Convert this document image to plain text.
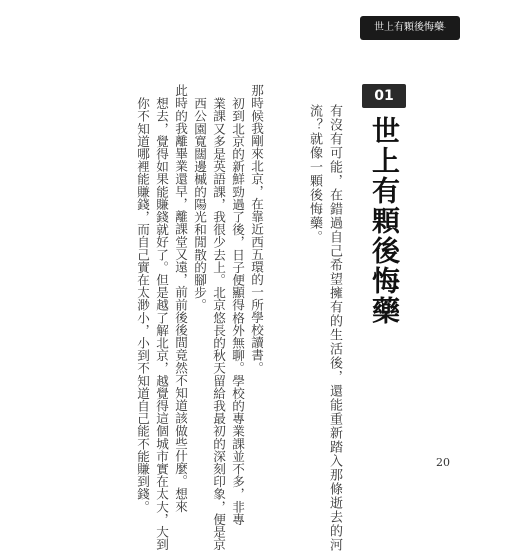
世上有顆後悔藥·
01
世上有顆後悔藥
有沒有可能，在錯過自己希望擁有的生活後，還能重新踏入那條逝去的河
流？就像一顆後悔藥。
那時候我剛來北京，在靠近西五環的一所學校讀書。
初到北京的新鮮勁過了後，日子便顯得格外無聊。學校的專業課並不多，非專
業課又多是英語課，我很少去上。北京悠長的秋天留給我最初的深刻印象，便是京
西公園寬闊邊槭的陽光和閒散的腳步。
此時的我離畢業還早，離課堂又遠，前前後後間竟然不知道該做些什麼。想來
想去，覺得如果能賺錢就好了。但是越了解北京，越覺得這個城市實在太大，大到
你不知道哪裡能賺錢，而自己實在太渺小，小到不知道自己能不能賺到錢。	20
